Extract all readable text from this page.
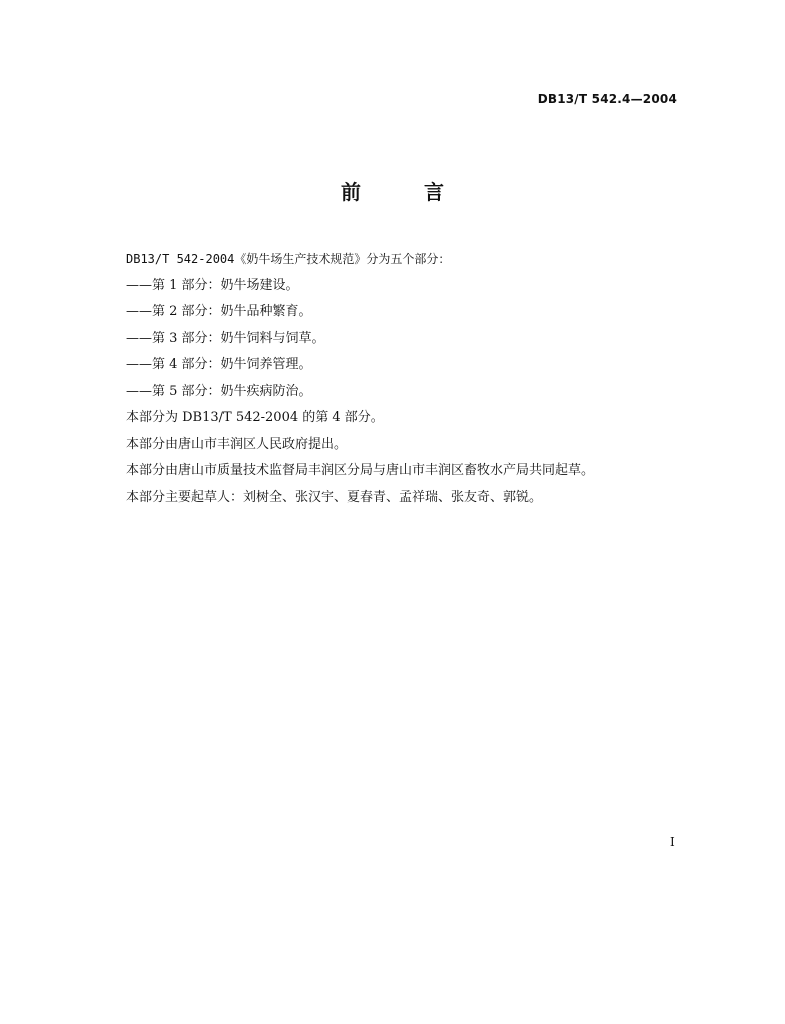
DB13/T 542.4—2004
前 言
DB13/T 542-2004《奶牛场生产技术规范》分为五个部分：
——第 1 部分：奶牛场建设。
——第 2 部分：奶牛品种繁育。
——第 3 部分：奶牛饲料与饲草。
——第 4 部分：奶牛饲养管理。
——第 5 部分：奶牛疾病防治。
本部分为 DB13/T 542-2004 的第 4 部分。
本部分由唐山市丰润区人民政府提出。
本部分由唐山市质量技术监督局丰润区分局与唐山市丰润区畜牧水产局共同起草。
本部分主要起草人：刘树全、张汉宇、夏春青、孟祥瑞、张友奇、郭锐。
I
